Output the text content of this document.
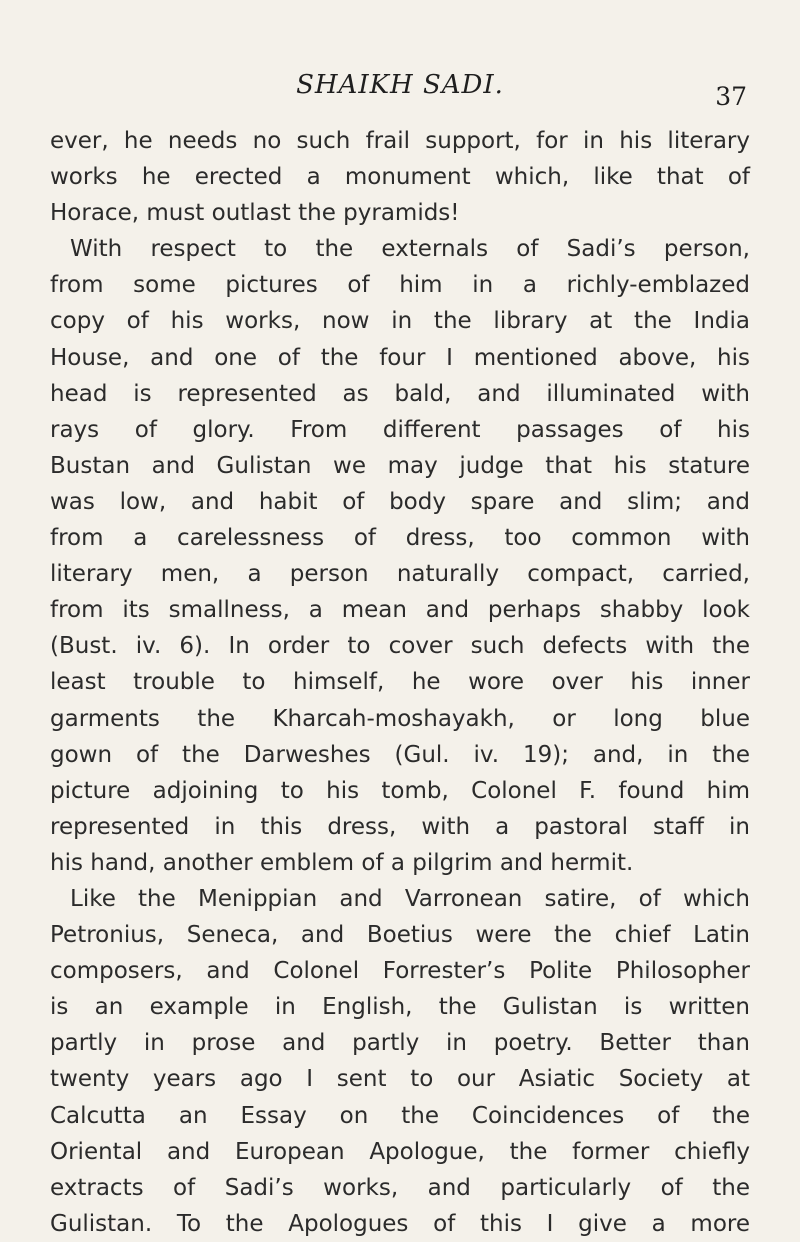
SHAIKH SADI.	37
ever, he needs no such frail support, for in his literary
works he erected a monument which, like that of
Horace, must outlast the pyramids!
With respect to the externals of Sadi’s person,
from some pictures of him in a richly-emblazed
copy of his works, now in the library at the India
House, and one of the four I mentioned above, his
head is represented as bald, and illuminated with
rays of glory. From different passages of his
Bustan and Gulistan we may judge that his stature
was low, and habit of body spare and slim; and
from a carelessness of dress, too common with
literary men, a person naturally compact, carried,
from its smallness, a mean and perhaps shabby look
(Bust. iv. 6). In order to cover such defects with the
least trouble to himself, he wore over his inner
garments the Kharcah-moshayakh, or long blue
gown of the Darweshes (Gul. iv. 19); and, in the
picture adjoining to his tomb, Colonel F. found him
represented in this dress, with a pastoral staff in
his hand, another emblem of a pilgrim and hermit.
Like the Menippian and Varronean satire, of which
Petronius, Seneca, and Boetius were the chief Latin
composers, and Colonel Forrester’s Polite Philosopher
is an example in English, the Gulistan is written
partly in prose and partly in poetry. Better than
twenty years ago I sent to our Asiatic Society at
Calcutta an Essay on the Coincidences of the
Oriental and European Apologue, the former chiefly
extracts of Sadi’s works, and particularly of the
Gulistan. To the Apologues of this I give a more
